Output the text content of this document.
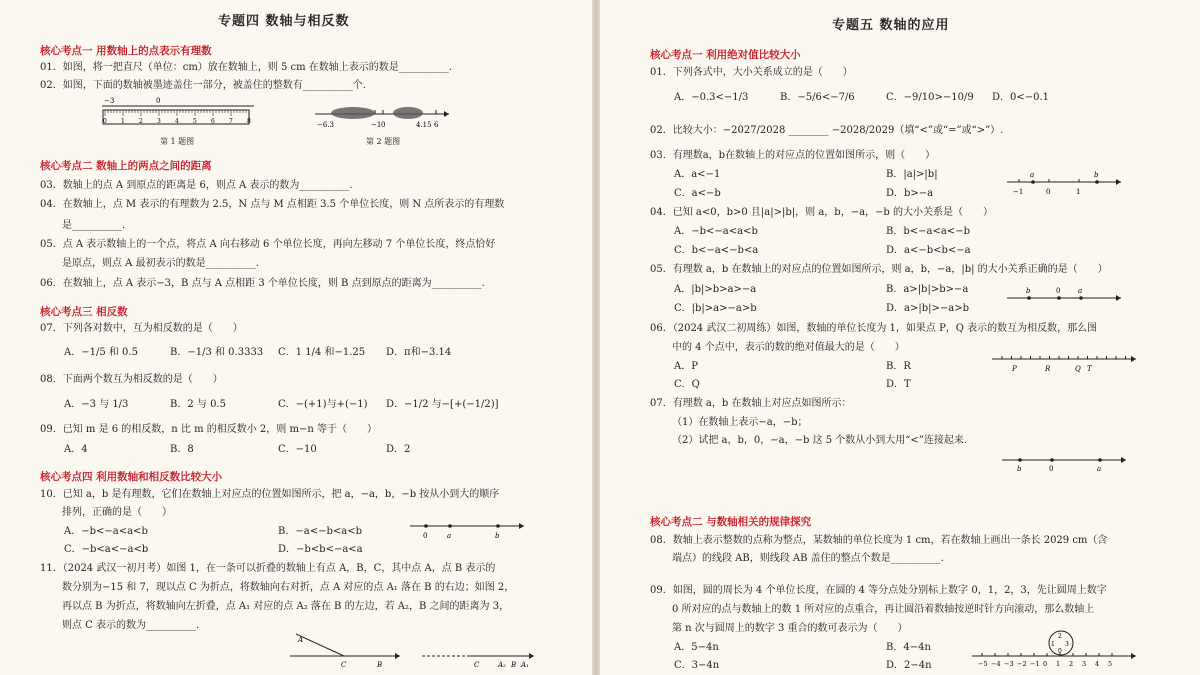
专题四 数轴与相反数
核心考点一 用数轴上的点表示有理数
01．如图，将一把直尺（单位：cm）放在数轴上，则 5 cm 在数轴上表示的数是__________.
02．如图，下面的数轴被墨迹盖住一部分，被盖住的整数有__________个.
0 1 2 3 4 5 6 7 8
−3	0
第 1 题图
−6.3	−1 0	4.15 6
第 2 题图
核心考点二 数轴上的两点之间的距离
03．数轴上的点 A 到原点的距离是 6，则点 A 表示的数为__________.
04．在数轴上，点 M 表示的有理数为 2.5，N 点与 M 点相距 3.5 个单位长度，则 N 点所表示的有理数
是__________.
05．点 A 表示数轴上的一个点，将点 A 向右移动 6 个单位长度，再向左移动 7 个单位长度，终点恰好
是原点，则点 A 最初表示的数是__________.
06．在数轴上，点 A 表示−3，B 点与 A 点相距 3 个单位长度，则 B 点到原点的距离为__________.
核心考点三 相反数
07．下列各对数中，互为相反数的是（　　）
A．−1/5 和 0.5	B．−1/3 和 0.3333 C．1 1/4 和−1.25 D．π和−3.14
08．下面两个数互为相反数的是（　　）
A．−3 与 1/3	B．2 与 0.5	C．−(+1)与+(−1) D．−1/2 与−[+(−1/2)]
09．已知 m 是 6 的相反数，n 比 m 的相反数小 2，则 m−n 等于（　　）
A．4	B．8	C．−10	D．2
核心考点四 利用数轴和相反数比较大小
10．已知 a，b 是有理数，它们在数轴上对应点的位置如图所示，把 a，−a，b，−b 按从小到大的顺序
排列，正确的是（　　）
A．−b<−a<a<b	B．−a<−b<a<b
C．−b<a<−a<b	D．−b<b<−a<a
0	a	b
11．（2024 武汉一初月考）如图 1，在一条可以折叠的数轴上有点 A，B，C，其中点 A，点 B 表示的
数分别为−15 和 7，现以点 C 为折点，将数轴向右对折，点 A 对应的点 A₁ 落在 B 的右边；如图 2，
再以点 B 为折点，将数轴向左折叠，点 A₁ 对应的点 A₂ 落在 B 的左边，若 A₂，B 之间的距离为 3，
则点 C 表示的数为__________.
A
C	B	C	A₂ B A₁
专题五 数轴的应用
核心考点一 利用绝对值比较大小
01．下列各式中，大小关系成立的是（　　）
A．−0.3<−1/3	B．−5/6<−7/6	C．−9/10>−10/9 D．0<−0.1
02．比较大小：−2027/2028 ________ −2028/2029（填“<”或“=”或“>”）.
03．有理数a，b在数轴上的对应点的位置如图所示，则（　　）
A．a<−1	B．|a|>|b|
C．a<−b	D．b>−a	−1	0	1
a	b
04．已知 a<0，b>0 且|a|>|b|，则 a，b，−a，−b 的大小关系是（　　）
A．−b<−a<a<b	B．b<−a<a<−b
C．b<−a<−b<a	D．a<−b<b<−a
05．有理数 a，b 在数轴上的对应点的位置如图所示，则 a，b，−a，|b| 的大小关系正确的是（　　）
A．|b|>b>a>−a	B．a>|b|>b>−a
C．|b|>a>−a>b	D．a>|b|>−a>b
b	0	a
06．（2024 武汉二初周练）如图，数轴的单位长度为 1，如果点 P，Q 表示的数互为相反数，那么图
中的 4 个点中，表示的数的绝对值最大的是（　　）
A．P	B．R
C．Q	D．T
P	R	Q T
07．有理数 a，b 在数轴上对应点如图所示：
（1）在数轴上表示−a，−b；
（2）试把 a，b，0，−a，−b 这 5 个数从小到大用“<”连接起来.
b	0	a
核心考点二 与数轴相关的规律探究
08．数轴上表示整数的点称为整点，某数轴的单位长度为 1 cm，若在数轴上画出一条长 2029 cm（含
端点）的线段 AB，则线段 AB 盖住的整点个数是__________.
09．如图，圆的周长为 4 个单位长度，在圆的 4 等分点处分别标上数字 0，1，2，3，先让圆周上数字
0 所对应的点与数轴上的数 1 所对应的点重合，再让圆沿着数轴按逆时针方向滚动，那么数轴上
第 n 次与圆周上的数字 3 重合的数可表示为（　　）
A．5−4n	B．4−4n
C．3−4n	D．2−4n
2
1 3
0
−5 −4 −3 −2 −1 0 1 2 3 4 5
